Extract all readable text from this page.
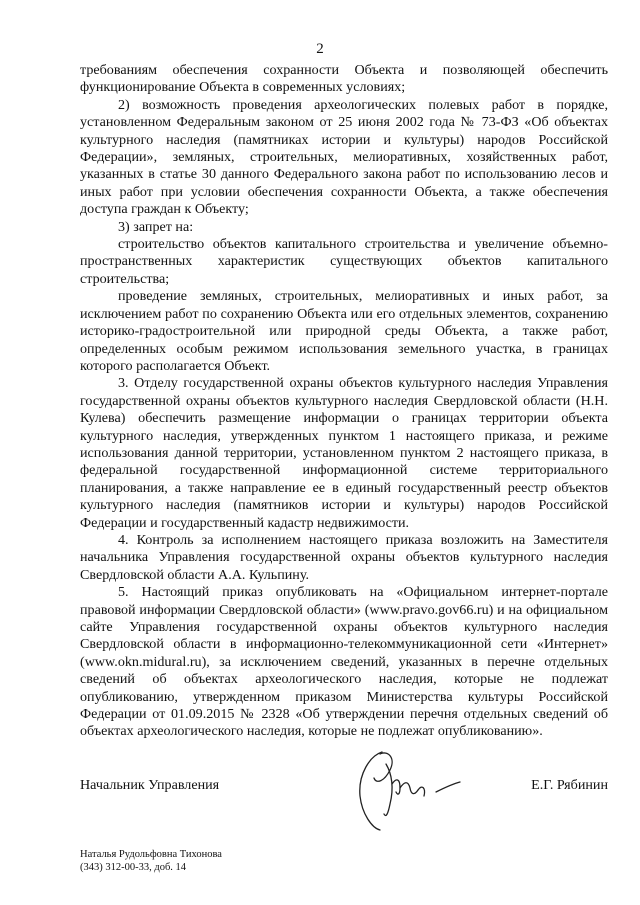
2

требованиям обеспечения сохранности Объекта и позволяющей обеспечить функционирование Объекта в современных условиях;

2) возможность проведения археологических полевых работ в порядке, установленном Федеральным законом от 25 июня 2002 года № 73-ФЗ «Об объектах культурного наследия (памятниках истории и культуры) народов Российской Федерации», земляных, строительных, мелиоративных, хозяйственных работ, указанных в статье 30 данного Федерального закона работ по использованию лесов и иных работ при условии обеспечения сохранности Объекта, а также обеспечения доступа граждан к Объекту;

3) запрет на:

строительство объектов капитального строительства и увеличение объемно-пространственных характеристик существующих объектов капитального строительства;

проведение земляных, строительных, мелиоративных и иных работ, за исключением работ по сохранению Объекта или его отдельных элементов, сохранению историко-градостроительной или природной среды Объекта, а также работ, определенных особым режимом использования земельного участка, в границах которого располагается Объект.

3. Отделу государственной охраны объектов культурного наследия Управления государственной охраны объектов культурного наследия Свердловской области (Н.Н. Кулева) обеспечить размещение информации о границах территории объекта культурного наследия, утвержденных пунктом 1 настоящего приказа, и режиме использования данной территории, установленном пунктом 2 настоящего приказа, в федеральной государственной информационной системе территориального планирования, а также направление ее в единый государственный реестр объектов культурного наследия (памятников истории и культуры) народов Российской Федерации и государственный кадастр недвижимости.

4. Контроль за исполнением настоящего приказа возложить на Заместителя начальника Управления государственной охраны объектов культурного наследия Свердловской области А.А. Кульпину.

5. Настоящий приказ опубликовать на «Официальном интернет-портале правовой информации Свердловской области» (www.pravo.gov66.ru) и на официальном сайте Управления государственной охраны объектов культурного наследия Свердловской области в информационно-телекоммуникационной сети «Интернет» (www.okn.midural.ru), за исключением сведений, указанных в перечне отдельных сведений об объектах археологического наследия, которые не подлежат опубликованию, утвержденном приказом Министерства культуры Российской Федерации от 01.09.2015 № 2328 «Об утверждении перечня отдельных сведений об объектах археологического наследия, которые не подлежат опубликованию».

Начальник Управления	Е.Г. Рябинин
Наталья Рудольфовна Тихонова
(343) 312-00-33, доб. 14
